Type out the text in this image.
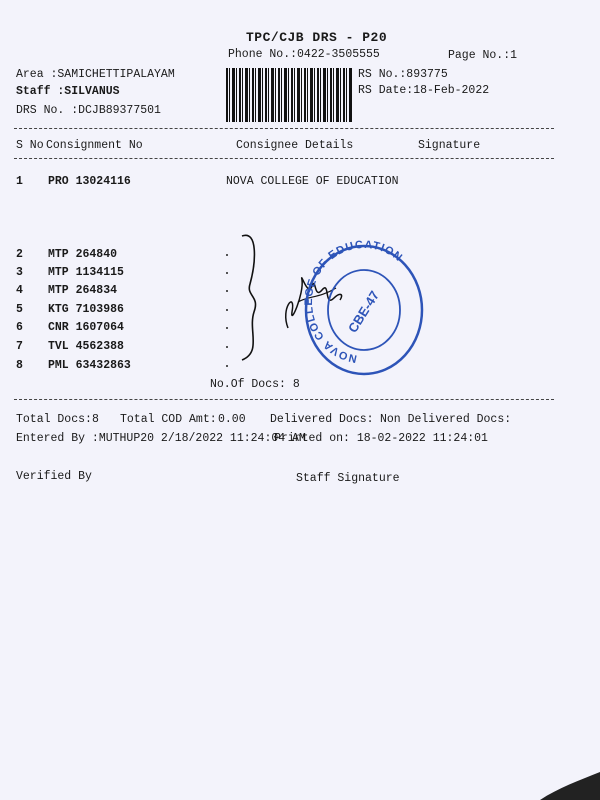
TPC/CJB DRS - P20
Phone No.:0422-3505555	Page No.:1
Area :SAMICHETTIPALAYAM
Staff :SILVANUS
DRS No. :DCJB89377501
RS No.:893775
RS Date:18-Feb-2022
S No Consignment No	Consignee Details	Signature
1 PRO 13024116	NOVA COLLEGE OF EDUCATION
2 MTP 264840
3 MTP 1134115
4 MTP 264834
5 KTG 7103986
6 CNR 1607064
7 TVL 4562388
8 PML 63432863
NOVA COLLEGE OF EDUCATION
CBE-47
No.Of Docs: 8
Total Docs: 8 Total COD Amt: 0.00 Delivered Docs: Non Delivered Docs:
Entered By :MUTHUP20 2/18/2022 11:24:04 AM
Printed on: 18-02-2022 11:24:01
Verified By	Staff Signature
